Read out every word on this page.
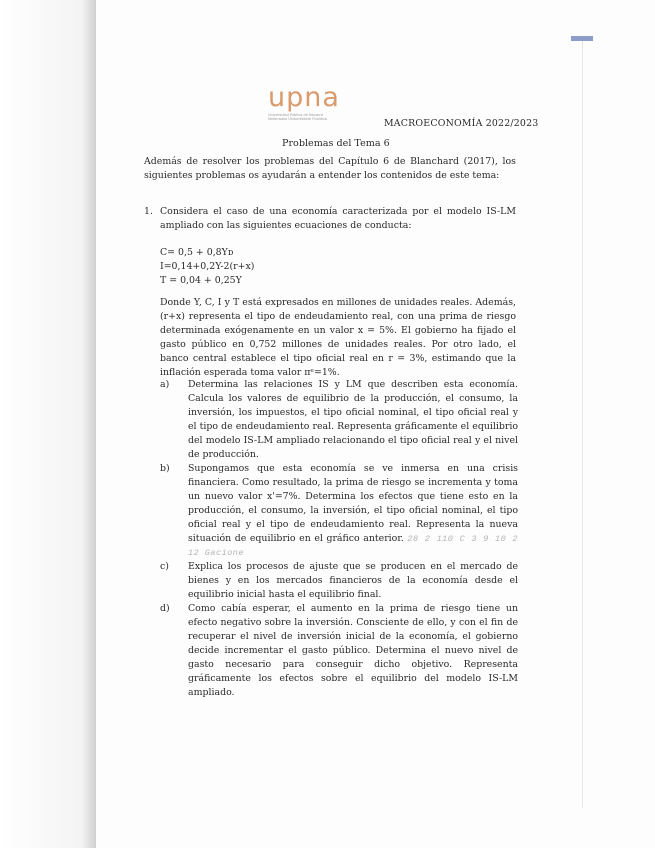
upna
Universidad Pública de Navarra Nafarroako Unibertsitate Publikoa	MACROECONOMÍA 2022/2023
Problemas del Tema 6
Además de resolver los problemas del Capítulo 6 de Blanchard (2017), los siguientes problemas os ayudarán a entender los contenidos de este tema:
1. Considera el caso de una economía caracterizada por el modelo IS-LM ampliado con las siguientes ecuaciones de conducta:
C= 0,5 + 0,8Yᴅ
I=0,14+0,2Y-2(r+x)
T = 0,04 + 0,25Y
Donde Y, C, I y T está expresados en millones de unidades reales. Además, (r+x) representa el tipo de endeudamiento real, con una prima de riesgo determinada exógenamente en un valor x = 5%. El gobierno ha fijado el gasto público en 0,752 millones de unidades reales. Por otro lado, el banco central establece el tipo oficial real en r = 3%, estimando que la inflación esperada toma valor πᵉ=1%.
a) Determina las relaciones IS y LM que describen esta economía. Calcula los valores de equilibrio de la producción, el consumo, la inversión, los impuestos, el tipo oficial nominal, el tipo oficial real y el tipo de endeudamiento real. Representa gráficamente el equilibrio del modelo IS-LM ampliado relacionando el tipo oficial real y el nivel de producción.
b) Supongamos que esta economía se ve inmersa en una crisis financiera. Como resultado, la prima de riesgo se incrementa y toma un nuevo valor x'=7%. Determina los efectos que tiene esto en la producción, el consumo, la inversión, el tipo oficial nominal, el tipo oficial real y el tipo de endeudamiento real. Representa la nueva situación de equilibrio en el gráfico anterior. 28 2 110 C 3 9 10 2 12 Gacione
c) Explica los procesos de ajuste que se producen en el mercado de bienes y en los mercados financieros de la economía desde el equilibrio inicial hasta el equilibrio final.
d) Como cabía esperar, el aumento en la prima de riesgo tiene un efecto negativo sobre la inversión. Consciente de ello, y con el fin de recuperar el nivel de inversión inicial de la economía, el gobierno decide incrementar el gasto público. Determina el nuevo nivel de gasto necesario para conseguir dicho objetivo. Representa gráficamente los efectos sobre el equilibrio del modelo IS-LM ampliado.
